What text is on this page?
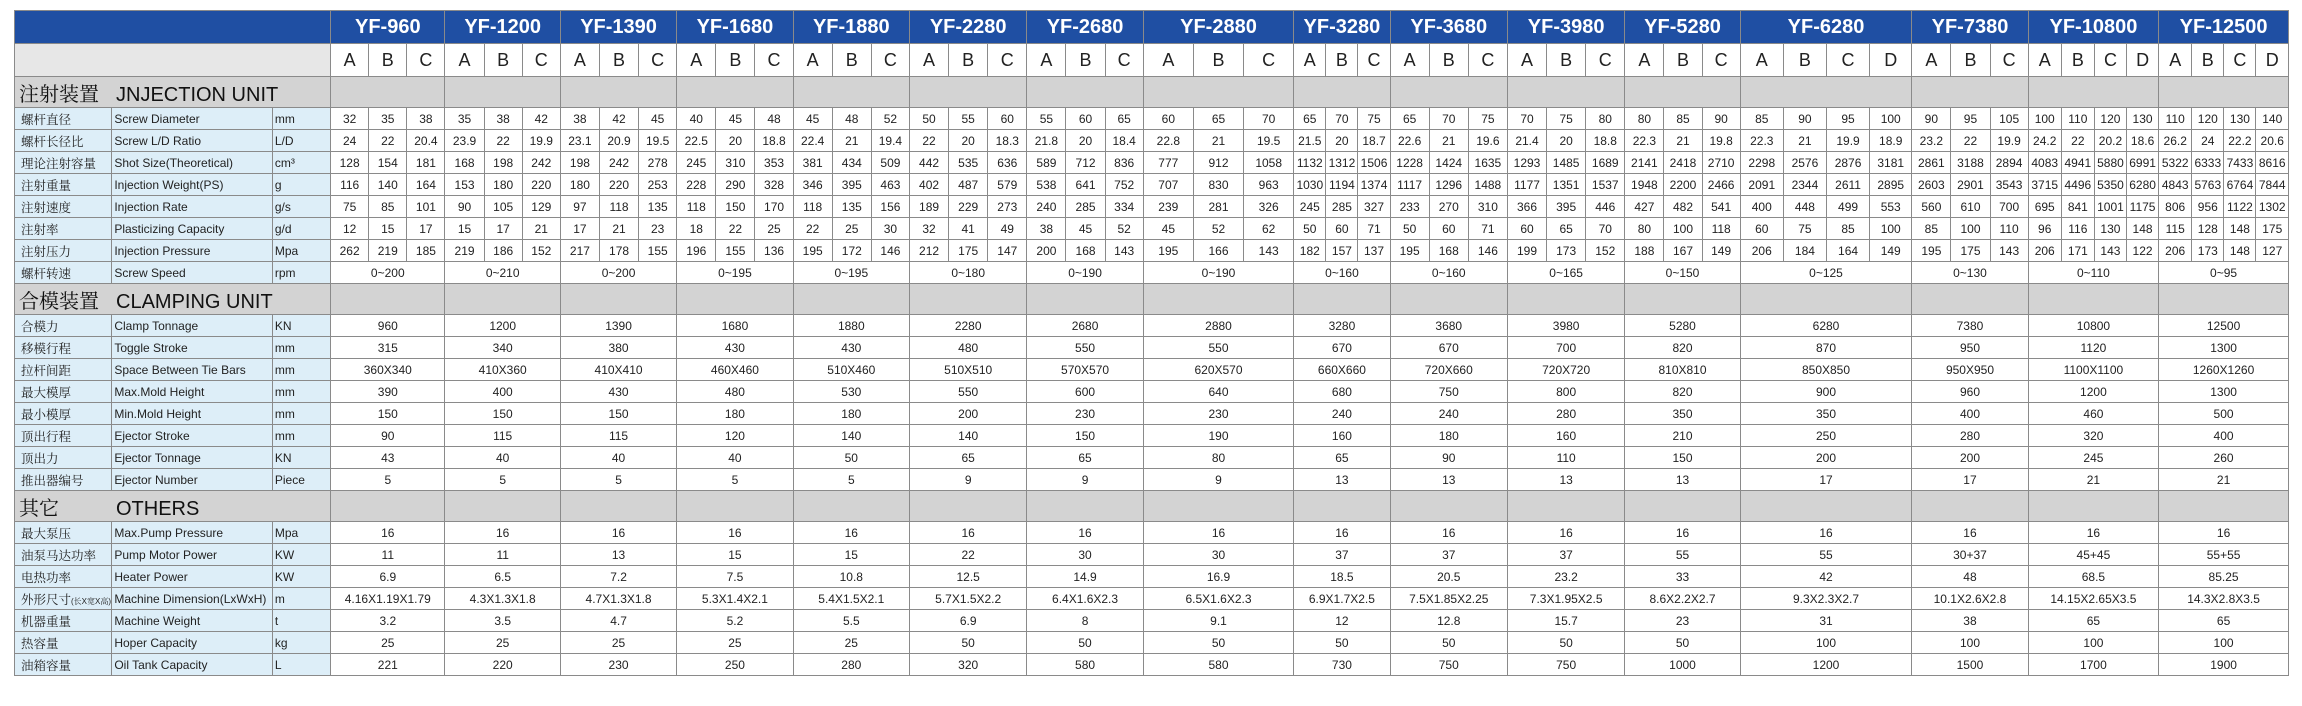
			YF-960			YF-1200			YF-1390			YF-1680			YF-1880			YF-2280			YF-2680			YF-2880			YF-3280			YF-3680			YF-3980			YF-5280			YF-6280				YF-7380			YF-10800				YF-12500			
			A	B	C	A	B	C	A	B	C	A	B	C	A	B	C	A	B	C	A	B	C	A	B	C	A	B	C	A	B	C	A	B	C	A	B	C	A	B	C	D	A	B	C	A	B	C	D	A	B	C	D
注射装置 JNJECTION UNIT																																																					
螺杆直径	Screw Diameter	mm	32	35	38	35	38	42	38	42	45	40	45	48	45	48	52	50	55	60	55	60	65	60	65	70	65	70	75	65	70	75	70	75	80	80	85	90	85	90	95	100	90	95	105	100	110	120	130	110	120	130	140
螺杆长径比	Screw L/D Ratio	L/D	24	22	20.4	23.9	22	19.9	23.1	20.9	19.5	22.5	20	18.8	22.4	21	19.4	22	20	18.3	21.8	20	18.4	22.8	21	19.5	21.5	20	18.7	22.6	21	19.6	21.4	20	18.8	22.3	21	19.8	22.3	21	19.9	18.9	23.2	22	19.9	24.2	22	20.2	18.6	26.2	24	22.2	20.6
理论注射容量	Shot Size(Theoretical)	cm³	128	154	181	168	198	242	198	242	278	245	310	353	381	434	509	442	535	636	589	712	836	777	912	1058	1132	1312	1506	1228	1424	1635	1293	1485	1689	2141	2418	2710	2298	2576	2876	3181	2861	3188	2894	4083	4941	5880	6991	5322	6333	7433	8616
注射重量	Injection Weight(PS)	g	116	140	164	153	180	220	180	220	253	228	290	328	346	395	463	402	487	579	538	641	752	707	830	963	1030	1194	1374	1117	1296	1488	1177	1351	1537	1948	2200	2466	2091	2344	2611	2895	2603	2901	3543	3715	4496	5350	6280	4843	5763	6764	7844
注射速度	Injection Rate	g/s	75	85	101	90	105	129	97	118	135	118	150	170	118	135	156	189	229	273	240	285	334	239	281	326	245	285	327	233	270	310	366	395	446	427	482	541	400	448	499	553	560	610	700	695	841	1001	1175	806	956	1122	1302
注射率	Plasticizing Capacity	g/d	12	15	17	15	17	21	17	21	23	18	22	25	22	25	30	32	41	49	38	45	52	45	52	62	50	60	71	50	60	71	60	65	70	80	100	118	60	75	85	100	85	100	110	96	116	130	148	115	128	148	175
注射压力	Injection Pressure	Mpa	262	219	185	219	186	152	217	178	155	196	155	136	195	172	146	212	175	147	200	168	143	195	166	143	182	157	137	195	168	146	199	173	152	188	167	149	206	184	164	149	195	175	143	206	171	143	122	206	173	148	127
螺杆转速	Screw Speed	rpm	0~200			0~210			0~200			0~195			0~195			0~180			0~190			0~190			0~160			0~160			0~165			0~150			0~125				0~130			0~110				0~95			
合模装置 CLAMPING UNIT																																																					
合模力	Clamp Tonnage	KN	960			1200			1390			1680			1880			2280			2680			2880			3280			3680			3980			5280			6280				7380			10800				12500			
移模行程	Toggle Stroke	mm	315			340			380			430			430			480			550			550			670			670			700			820			870				950			1120				1300			
拉杆间距	Space Between Tie Bars	mm	360X340			410X360			410X410			460X460			510X460			510X510			570X570			620X570			660X660			720X660			720X720			810X810			850X850				950X950			1100X1100				1260X1260			
最大模厚	Max.Mold Height	mm	390			400			430			480			530			550			600			640			680			750			800			820			900				960			1200				1300			
最小模厚	Min.Mold Height	mm	150			150			150			180			180			200			230			230			240			240			280			350			350				400			460				500			
顶出行程	Ejector Stroke	mm	90			115			115			120			140			140			150			190			160			180			160			210			250				280			320				400			
顶出力	Ejector Tonnage	KN	43			40			40			40			50			65			65			80			65			90			110			150			200				200			245				260			
推出器编号	Ejector Number	Piece	5			5			5			5			5			9			9			9			13			13			13			13			17				17			21				21			
其它 OTHERS																																																					
最大泵压	Max.Pump Pressure	Mpa	16			16			16			16			16			16			16			16			16			16			16			16			16				16			16				16			
油泵马达功率	Pump Motor Power	KW	11			11			13			15			15			22			30			30			37			37			37			55			55				30+37			45+45				55+55			
电热功率	Heater Power	KW	6.9			6.5			7.2			7.5			10.8			12.5			14.9			16.9			18.5			20.5			23.2			33			42				48			68.5				85.25			
外形尺寸(长X宽X高)	Machine Dimension(LxWxH)	m	4.16X1.19X1.79			4.3X1.3X1.8			4.7X1.3X1.8			5.3X1.4X2.1			5.4X1.5X2.1			5.7X1.5X2.2			6.4X1.6X2.3			6.5X1.6X2.3			6.9X1.7X2.5			7.5X1.85X2.25			7.3X1.95X2.5			8.6X2.2X2.7			9.3X2.3X2.7				10.1X2.6X2.8			14.15X2.65X3.5				14.3X2.8X3.5			
机器重量	Machine Weight	t	3.2			3.5			4.7			5.2			5.5			6.9			8			9.1			12			12.8			15.7			23			31				38			65				65			
热容量	Hoper Capacity	kg	25			25			25			25			25			50			50			50			50			50			50			50			100				100			100				100			
油箱容量	Oil Tank Capacity	L	221			220			230			250			280			320			580			580			730			750			750			1000			1200				1500			1700				1900			
